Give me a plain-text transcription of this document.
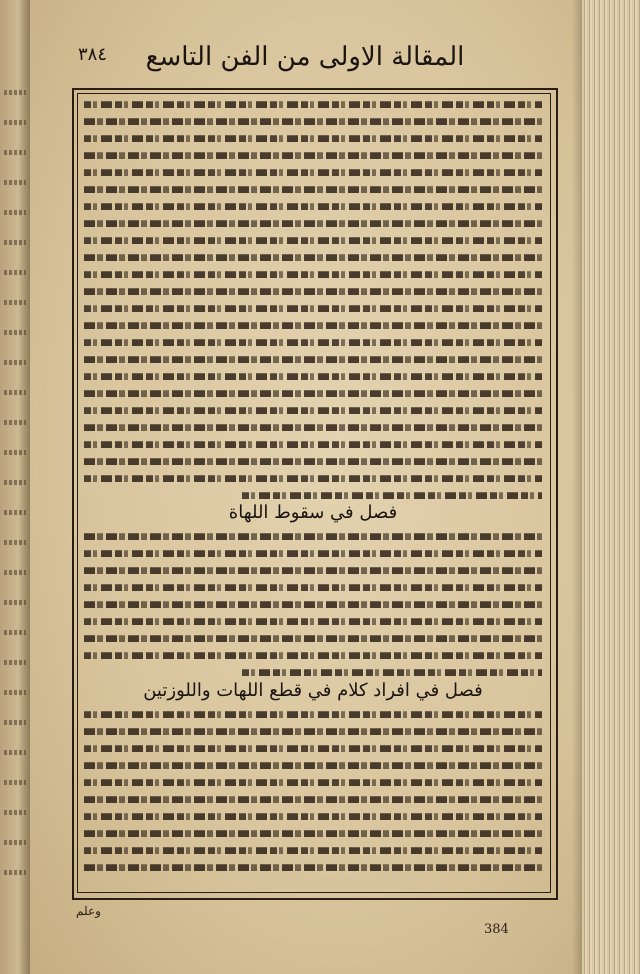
المقالة الاولى من الفن التاسع
٣٨٤
فصل في سقوط اللهاة
فصل في افراد كلام في قطع اللهات واللوزتين
وعلم
384
